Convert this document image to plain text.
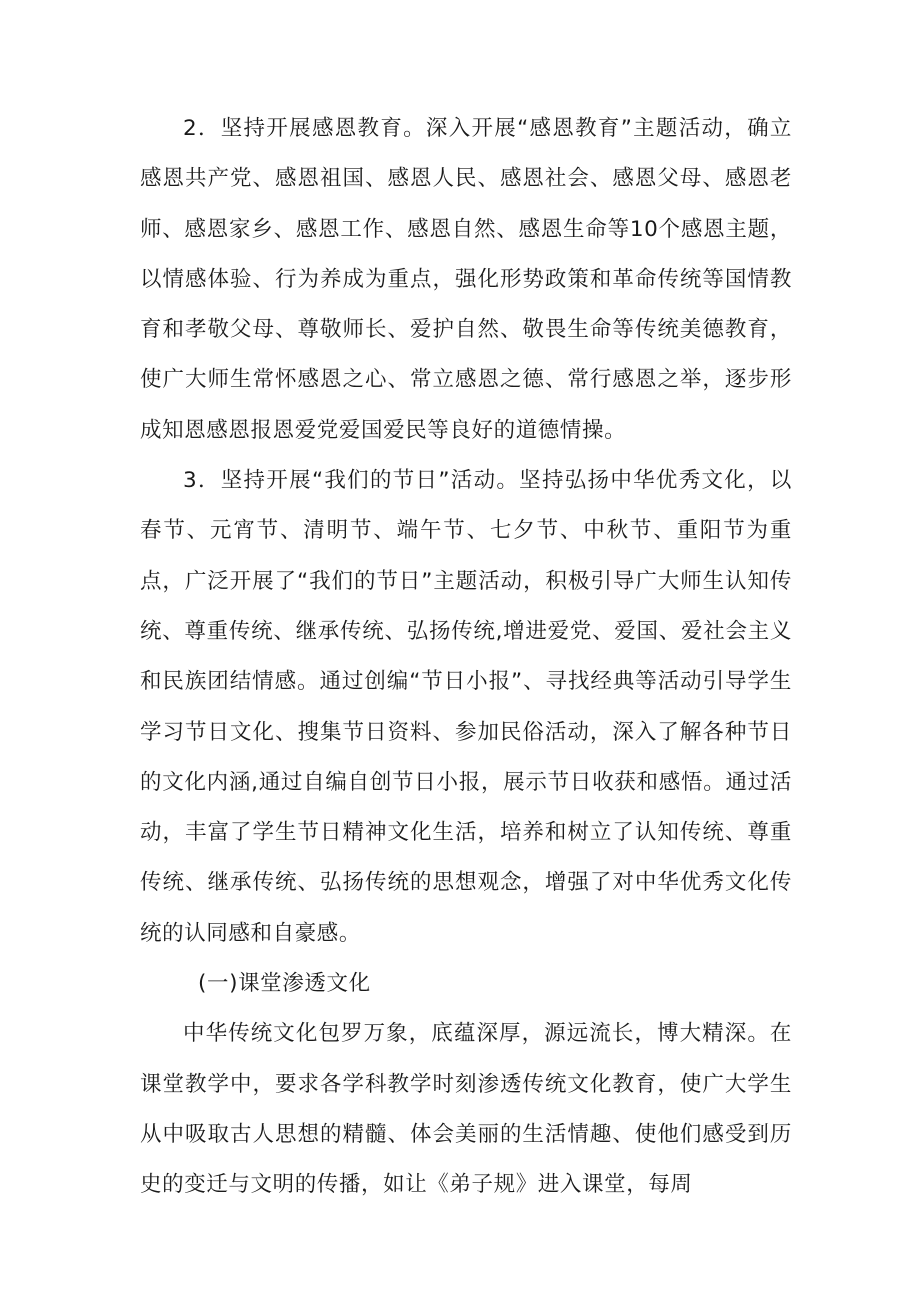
2．坚持开展感恩教育。深入开展“感恩教育”主题活动，确立感恩共产党、感恩祖国、感恩人民、感恩社会、感恩父母、感恩老师、感恩家乡、感恩工作、感恩自然、感恩生命等10个感恩主题，以情感体验、行为养成为重点，强化形势政策和革命传统等国情教育和孝敬父母、尊敬师长、爱护自然、敬畏生命等传统美德教育，使广大师生常怀感恩之心、常立感恩之德、常行感恩之举，逐步形成知恩感恩报恩爱党爱国爱民等良好的道德情操。

3．坚持开展“我们的节日”活动。坚持弘扬中华优秀文化，以春节、元宵节、清明节、端午节、七夕节、中秋节、重阳节为重点，广泛开展了“我们的节日”主题活动，积极引导广大师生认知传统、尊重传统、继承传统、弘扬传统,增进爱党、爱国、爱社会主义和民族团结情感。通过创编“节日小报”、寻找经典等活动引导学生学习节日文化、搜集节日资料、参加民俗活动，深入了解各种节日的文化内涵,通过自编自创节日小报，展示节日收获和感悟。通过活动，丰富了学生节日精神文化生活，培养和树立了认知传统、尊重传统、继承传统、弘扬传统的思想观念，增强了对中华优秀文化传统的认同感和自豪感。

(一)课堂渗透文化

中华传统文化包罗万象，底蕴深厚，源远流长，博大精深。在课堂教学中，要求各学科教学时刻渗透传统文化教育，使广大学生从中吸取古人思想的精髓、体会美丽的生活情趣、使他们感受到历史的变迁与文明的传播，如让《弟子规》进入课堂，每周
